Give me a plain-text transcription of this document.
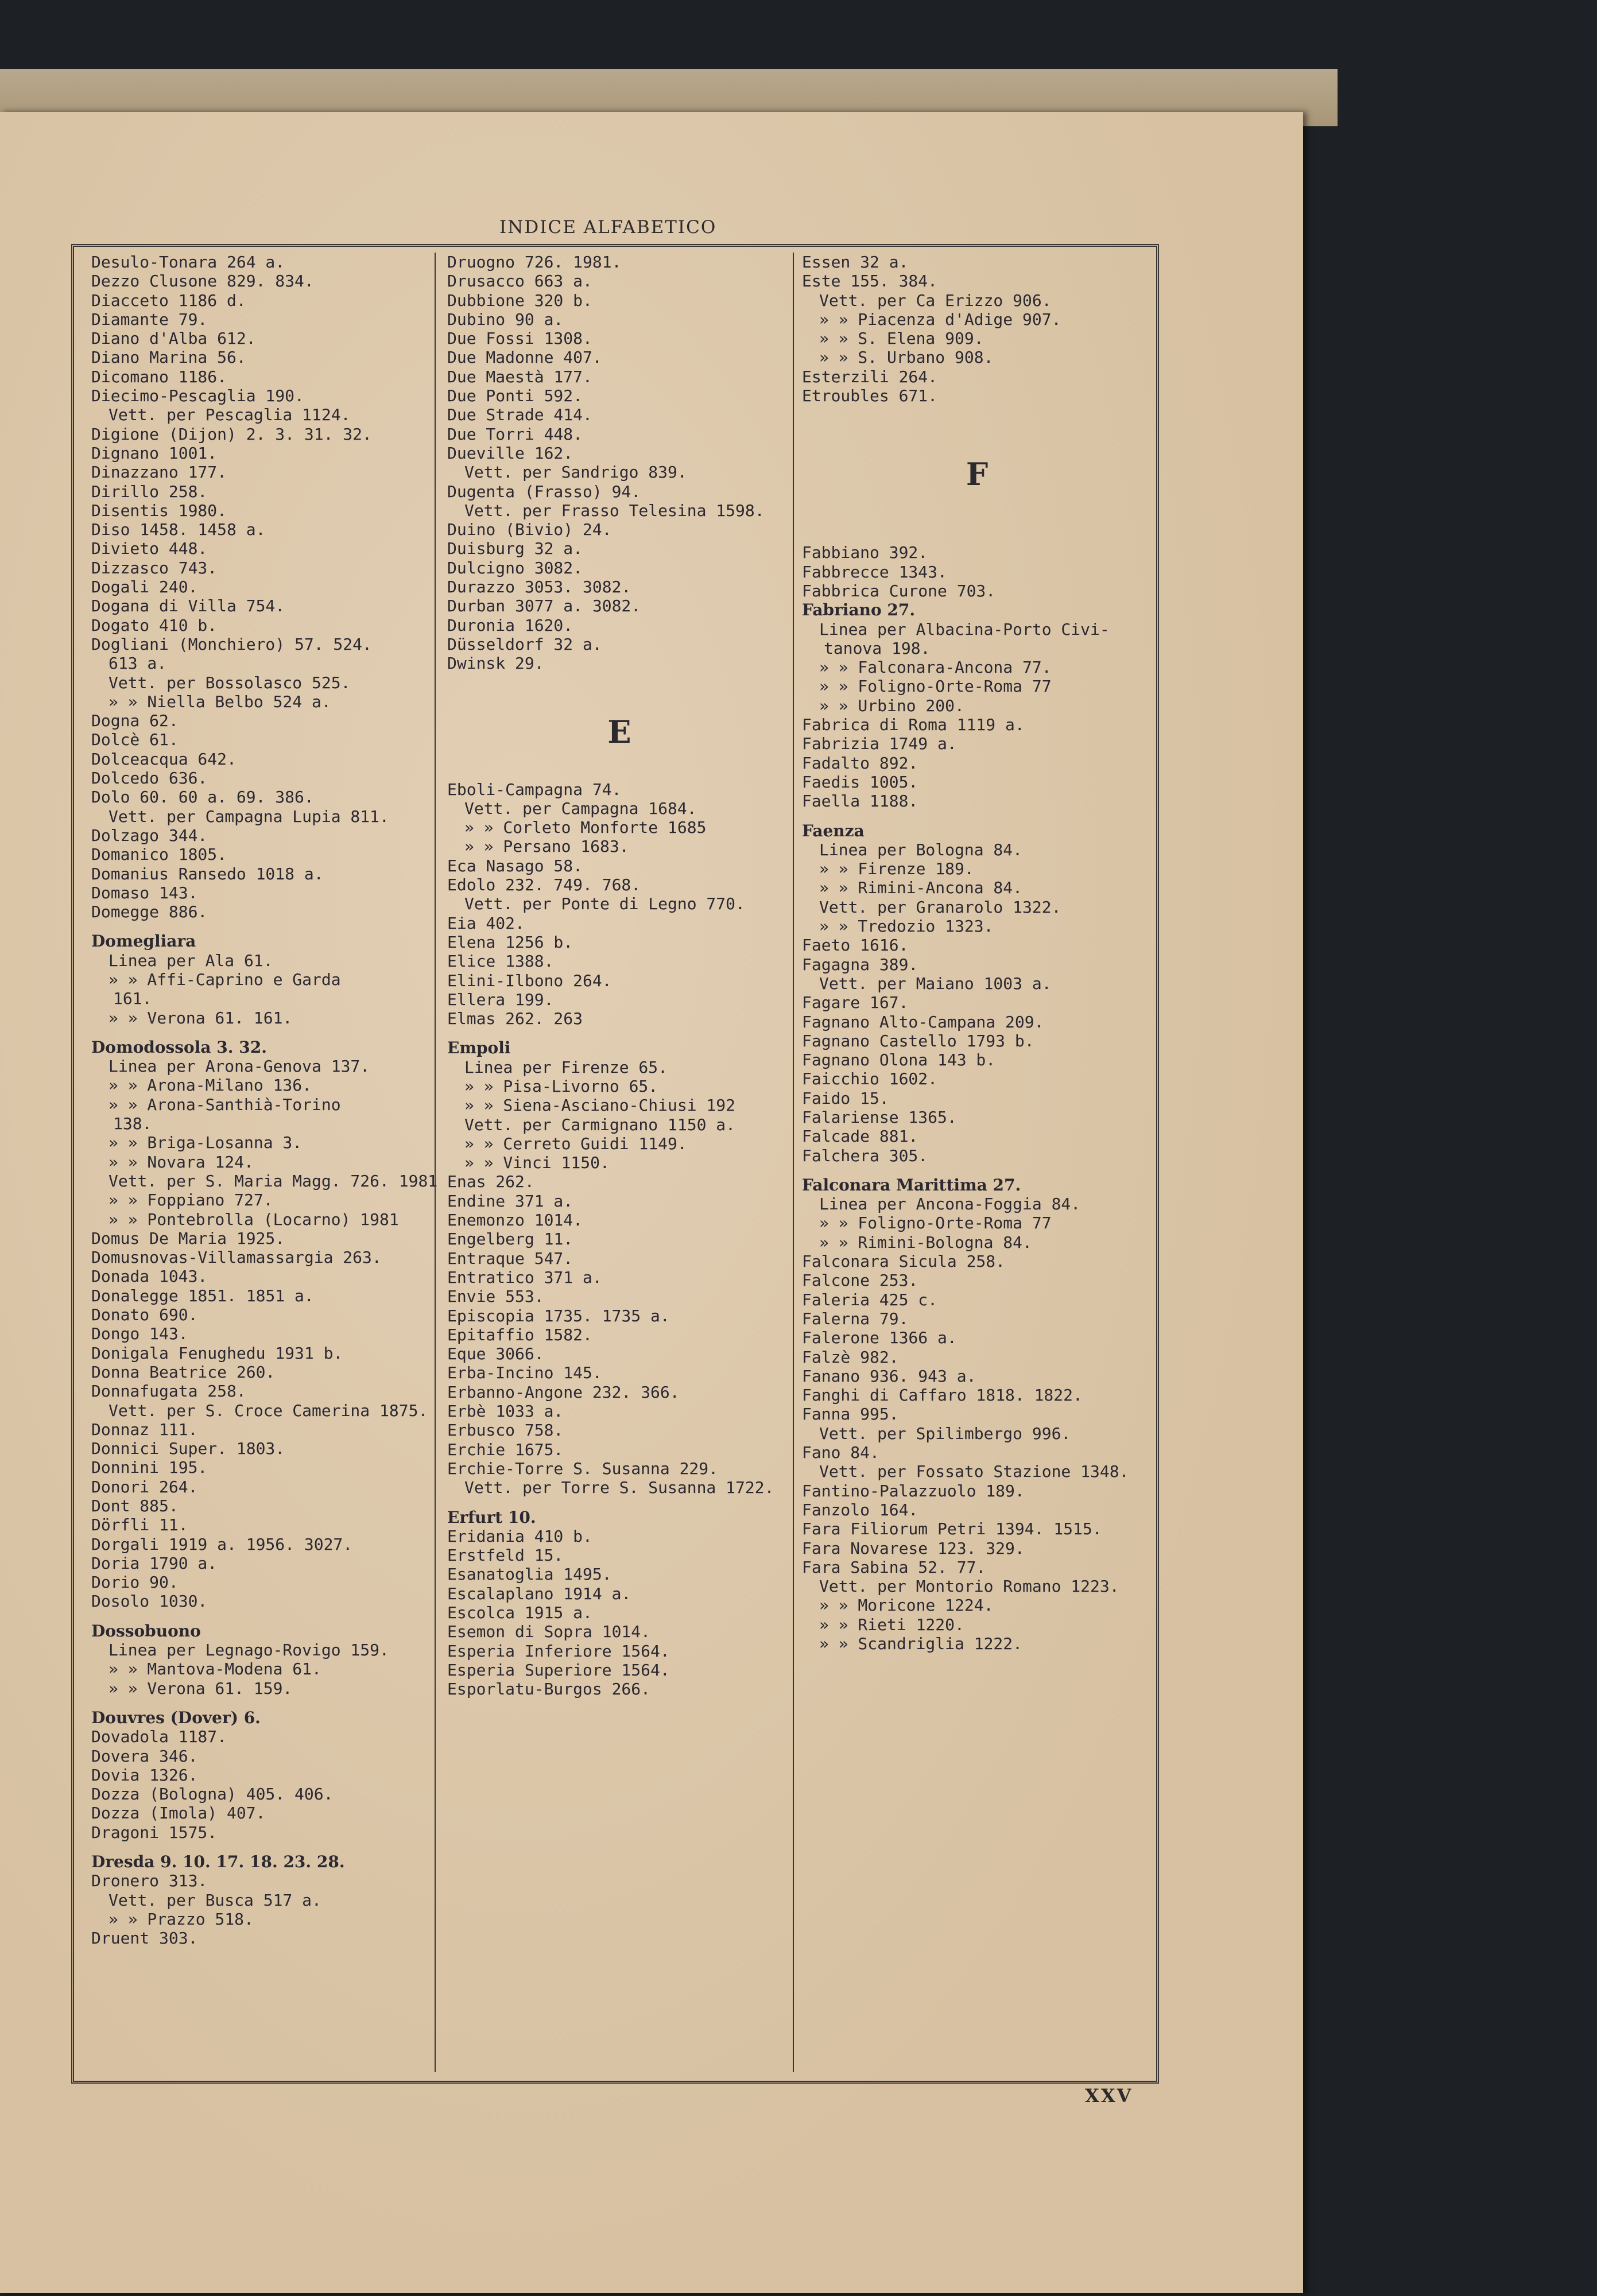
INDICE ALFABETICO
Desulo-Tonara 264 a.
Dezzo Clusone 829. 834.
Diacceto 1186 d.
Diamante 79.
Diano d'Alba 612.
Diano Marina 56.
Dicomano 1186.
Diecimo-Pescaglia 190.
Vett. per Pescaglia 1124.
Digione (Dijon) 2. 3. 31. 32.
Dignano 1001.
Dinazzano 177.
Dirillo 258.
Disentis 1980.
Diso 1458. 1458 a.
Divieto 448.
Dizzasco 743.
Dogali 240.
Dogana di Villa 754.
Dogato 410 b.
Dogliani (Monchiero) 57. 524.
613 a.
Vett. per Bossolasco 525.
» » Niella Belbo 524 a.
Dogna 62.
Dolcè 61.
Dolceacqua 642.
Dolcedo 636.
Dolo 60. 60 a. 69. 386.
Vett. per Campagna Lupia 811.
Dolzago 344.
Domanico 1805.
Domanius Ransedo 1018 a.
Domaso 143.
Domegge 886.
Domegliara
Linea per Ala 61.
» » Affi-Caprino e Garda
161.
» » Verona 61. 161.
Domodossola 3. 32.
Linea per Arona-Genova 137.
» » Arona-Milano 136.
» » Arona-Santhià-Torino
138.
» » Briga-Losanna 3.
» » Novara 124.
Vett. per S. Maria Magg. 726. 1981
» » Foppiano 727.
» » Pontebrolla (Locarno) 1981
Domus De Maria 1925.
Domusnovas-Villamassargia 263.
Donada 1043.
Donalegge 1851. 1851 a.
Donato 690.
Dongo 143.
Donigala Fenughedu 1931 b.
Donna Beatrice 260.
Donnafugata 258.
Vett. per S. Croce Camerina 1875.
Donnaz 111.
Donnici Super. 1803.
Donnini 195.
Donori 264.
Dont 885.
Dörfli 11.
Dorgali 1919 a. 1956. 3027.
Doria 1790 a.
Dorio 90.
Dosolo 1030.
Dossobuono
Linea per Legnago-Rovigo 159.
» » Mantova-Modena 61.
» » Verona 61. 159.
Douvres (Dover) 6.
Dovadola 1187.
Dovera 346.
Dovia 1326.
Dozza (Bologna) 405. 406.
Dozza (Imola) 407.
Dragoni 1575.
Dresda 9. 10. 17. 18. 23. 28.
Dronero 313.
Vett. per Busca 517 a.
» » Prazzo 518.
Druent 303.
Druogno 726. 1981.
Drusacco 663 a.
Dubbione 320 b.
Dubino 90 a.
Due Fossi 1308.
Due Madonne 407.
Due Maestà 177.
Due Ponti 592.
Due Strade 414.
Due Torri 448.
Dueville 162.
Vett. per Sandrigo 839.
Dugenta (Frasso) 94.
Vett. per Frasso Telesina 1598.
Duino (Bivio) 24.
Duisburg 32 a.
Dulcigno 3082.
Durazzo 3053. 3082.
Durban 3077 a. 3082.
Duronia 1620.
Düsseldorf 32 a.
Dwinsk 29.
E
Eboli-Campagna 74.
Vett. per Campagna 1684.
» » Corleto Monforte 1685
» » Persano 1683.
Eca Nasago 58.
Edolo 232. 749. 768.
Vett. per Ponte di Legno 770.
Eia 402.
Elena 1256 b.
Elice 1388.
Elini-Ilbono 264.
Ellera 199.
Elmas 262. 263
Empoli
Linea per Firenze 65.
» » Pisa-Livorno 65.
» » Siena-Asciano-Chiusi 192
Vett. per Carmignano 1150 a.
» » Cerreto Guidi 1149.
» » Vinci 1150.
Enas 262.
Endine 371 a.
Enemonzo 1014.
Engelberg 11.
Entraque 547.
Entratico 371 a.
Envie 553.
Episcopia 1735. 1735 a.
Epitaffio 1582.
Eque 3066.
Erba-Incino 145.
Erbanno-Angone 232. 366.
Erbè 1033 a.
Erbusco 758.
Erchie 1675.
Erchie-Torre S. Susanna 229.
Vett. per Torre S. Susanna 1722.
Erfurt 10.
Eridania 410 b.
Erstfeld 15.
Esanatoglia 1495.
Escalaplano 1914 a.
Escolca 1915 a.
Esemon di Sopra 1014.
Esperia Inferiore 1564.
Esperia Superiore 1564.
Esporlatu-Burgos 266.
Essen 32 a.
Este 155. 384.
Vett. per Ca Erizzo 906.
» » Piacenza d'Adige 907.
» » S. Elena 909.
» » S. Urbano 908.
Esterzili 264.
Etroubles 671.
F
Fabbiano 392.
Fabbrecce 1343.
Fabbrica Curone 703.
Fabriano 27.
Linea per Albacina-Porto Civi-
tanova 198.
» » Falconara-Ancona 77.
» » Foligno-Orte-Roma 77
» » Urbino 200.
Fabrica di Roma 1119 a.
Fabrizia 1749 a.
Fadalto 892.
Faedis 1005.
Faella 1188.
Faenza
Linea per Bologna 84.
» » Firenze 189.
» » Rimini-Ancona 84.
Vett. per Granarolo 1322.
» » Tredozio 1323.
Faeto 1616.
Fagagna 389.
Vett. per Maiano 1003 a.
Fagare 167.
Fagnano Alto-Campana 209.
Fagnano Castello 1793 b.
Fagnano Olona 143 b.
Faicchio 1602.
Faido 15.
Falariense 1365.
Falcade 881.
Falchera 305.
Falconara Marittima 27.
Linea per Ancona-Foggia 84.
» » Foligno-Orte-Roma 77
» » Rimini-Bologna 84.
Falconara Sicula 258.
Falcone 253.
Faleria 425 c.
Falerna 79.
Falerone 1366 a.
Falzè 982.
Fanano 936. 943 a.
Fanghi di Caffaro 1818. 1822.
Fanna 995.
Vett. per Spilimbergo 996.
Fano 84.
Vett. per Fossato Stazione 1348.
Fantino-Palazzuolo 189.
Fanzolo 164.
Fara Filiorum Petri 1394. 1515.
Fara Novarese 123. 329.
Fara Sabina 52. 77.
Vett. per Montorio Romano 1223.
» » Moricone 1224.
» » Rieti 1220.
» » Scandriglia 1222.
XXV
